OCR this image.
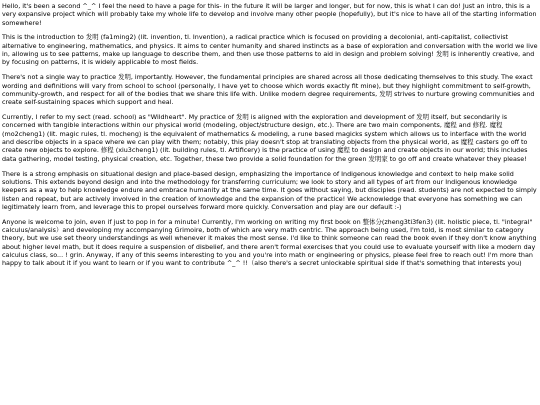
Hello, it's been a second ^_^ I feel the need to have a page for this- in the future it will be larger and longer, but for now, this is what I can do! Just an intro, this is a very expansive project which will probably take my whole life to develop and involve many other people (hopefully), but it's nice to have all of the starting information somewhere!

This is the introduction to 发明 (fa1ming2) (lit. invention, tl. Invention), a radical practice which is focused on providing a decolonial, anti-capitalist, collectivist alternative to engineering, mathematics, and physics. It aims to center humanity and shared instincts as a base of exploration and conversation with the world we live in, allowing us to see patterns, make up language to describe them, and then use those patterns to aid in design and problem solving! 发明 is inherently creative, and by focusing on patterns, it is widely applicable to most fields.

There's not a single way to practice 发明, importantly. However, the fundamental principles are shared across all those dedicating themselves to this study. The exact wording and definitions will vary from school to school (personally, I have yet to choose which words exactly fit mine), but they highlight commitment to self-growth, community-growth, and respect for all of the bodies that we share this life with. Unlike modern degree requirements, 发明 strives to nurture growing communities and create self-sustaining spaces which support and heal.

Currently, I refer to my sect (read. school) as "Wildheart". My practice of 发明 is aligned with the exploration and development of 发明 itself, but secondarily is concerned with tangible interactions within our physical world (modeling, object/structure design, etc.). There are two main components, 魔程 and 修程. 魔程 (mo2cheng1) (lit. magic rules, tl. mocheng) is the equivalent of mathematics & modeling, a rune based magicks system which allows us to interface with the world and describe objects in a space where we can play with them; notably, this play doesn't stop at translating objects from the physical world, as 魔程 casters go off to create new objects to explore. 修程 (xiu3cheng1) (lit. building rules, tl. Artificery) is the practice of using 魔程 to design and create objects in our world; this includes data gathering, model testing, physical creation, etc. Together, these two provide a solid foundation for the green 发明家 to go off and create whatever they please!

There is a strong emphasis on situational design and place-based design, emphasizing the importance of Indigenous knowledge and context to help make solid solutions. This extends beyond design and into the methodology for transferring curriculum; we look to story and all types of art from our Indigenous knowledge keepers as a way to help knowledge endure and embrace humanity at the same time. It goes without saying, but disciples (read. students) are not expected to simply listen and repeat, but are actively involved in the creation of knowledge and the expansion of the practice! We acknowledge that everyone has something we can legitimately learn from, and leverage this to propel ourselves forward more quickly. Conversation and play are our default :-)

Anyone is welcome to join, even if just to pop in for a minute! Currently, I'm working on writing my first book on 整体分(zheng3ti3fen3) (lit. holistic piece, tl. "integral" calculus/analysis）and developing my accompanying Grimoire, both of which are very math centric. The approach being used, I'm told, is most similar to category theory, but we use set theory understandings as well whenever it makes the most sense. I'd like to think someone can read the book even if they don't know anything about higher level math, but it does require a suspension of disbelief, and there aren't formal exercises that you could use to evaluate yourself with like a modern day calculus class, so... ! grin. Anyway, if any of this seems interesting to you and you're into math or engineering or physics, please feel free to reach out! I'm more than happy to talk about it if you want to learn or if you want to contribute ^_^ !!（also there's a secret unlockable spiritual side if that's something that interests you)
